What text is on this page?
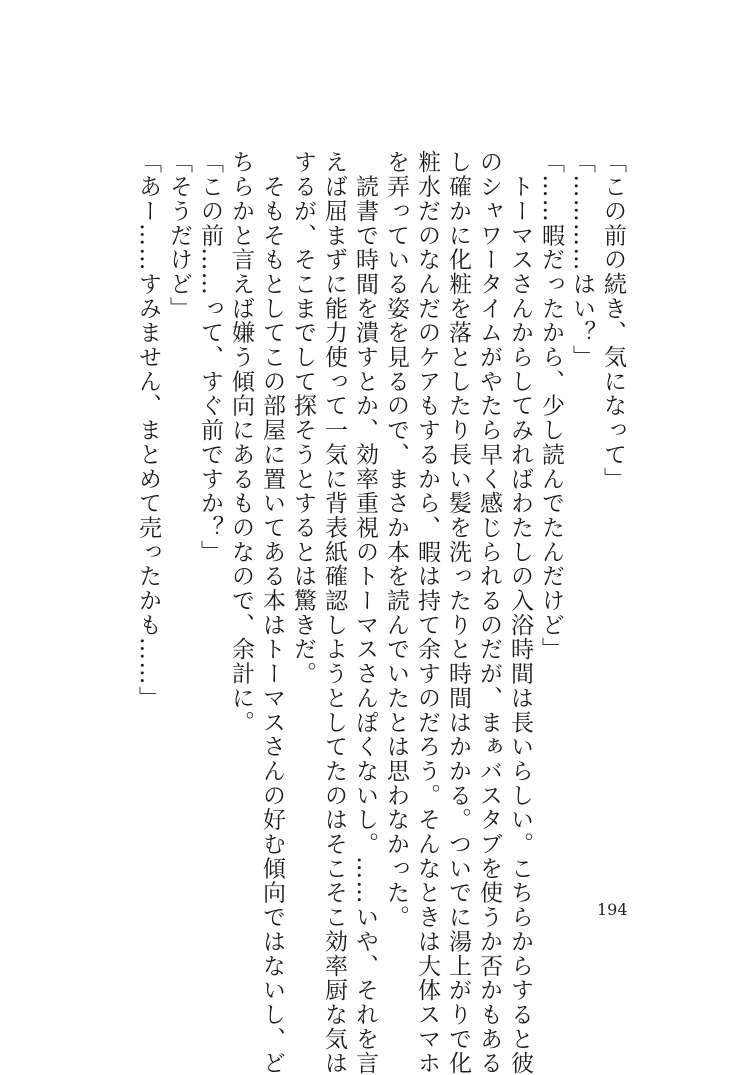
「この前の続き、気になって」
「…………はい？」
「……暇だったから、少し読んでたんだけど」
　トーマスさんからしてみればわたしの入浴時間は長いらしい。こちらからすると彼
のシャワータイムがやたら早く感じられるのだが、まぁバスタブを使うか否かもある
し確かに化粧を落としたり長い髪を洗ったりと時間はかかる。ついでに湯上がりで化
粧水だのなんだのケアもするから、暇は持て余すのだろう。そんなときは大体スマホ
を弄っている姿を見るので、まさか本を読んでいたとは思わなかった。
　読書で時間を潰すとか、効率重視のトーマスさんぽくないし。……いや、それを言
えば屈まずに能力使って一気に背表紙確認しようとしてたのはそこそこ効率厨な気は
するが、そこまでして探そうとするとは驚きだ。
　そもそもとしてこの部屋に置いてある本はトーマスさんの好む傾向ではないし、ど
ちらかと言えば嫌う傾向にあるものなので、余計に。
「この前……って、すぐ前ですか？」
「そうだけど」
「あー……すみません、まとめて売ったかも……」
194
